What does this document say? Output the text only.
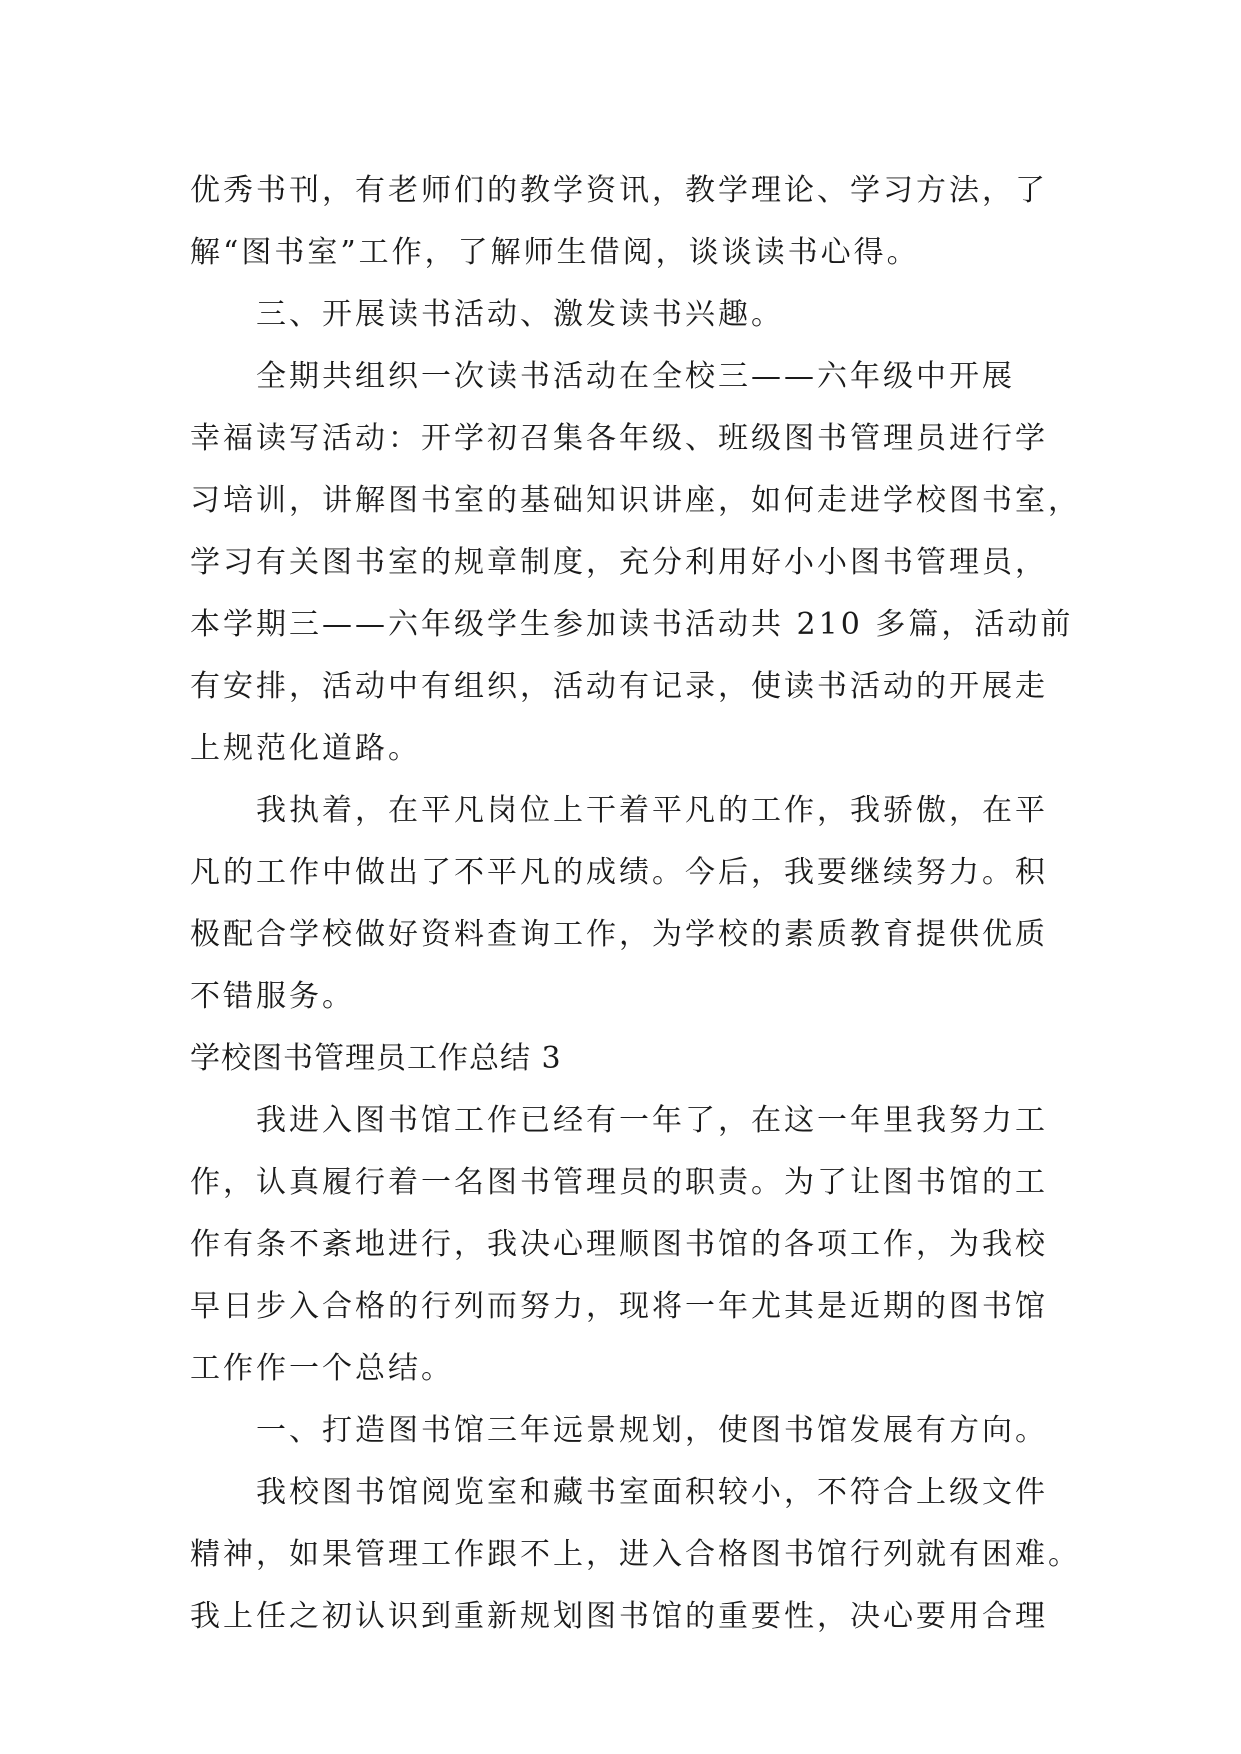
优秀书刊，有老师们的教学资讯，教学理论、学习方法，了
解“图书室”工作，了解师生借阅，谈谈读书心得。
三、开展读书活动、激发读书兴趣。
全期共组织一次读书活动在全校三——六年级中开展
幸福读写活动：开学初召集各年级、班级图书管理员进行学
习培训，讲解图书室的基础知识讲座，如何走进学校图书室，
学习有关图书室的规章制度，充分利用好小小图书管理员，
本学期三——六年级学生参加读书活动共 210 多篇，活动前
有安排，活动中有组织，活动有记录，使读书活动的开展走
上规范化道路。
我执着，在平凡岗位上干着平凡的工作，我骄傲，在平
凡的工作中做出了不平凡的成绩。今后，我要继续努力。积
极配合学校做好资料查询工作，为学校的素质教育提供优质
不错服务。
学校图书管理员工作总结 3
我进入图书馆工作已经有一年了，在这一年里我努力工
作，认真履行着一名图书管理员的职责。为了让图书馆的工
作有条不紊地进行，我决心理顺图书馆的各项工作，为我校
早日步入合格的行列而努力，现将一年尤其是近期的图书馆
工作作一个总结。
一、打造图书馆三年远景规划，使图书馆发展有方向。
我校图书馆阅览室和藏书室面积较小，不符合上级文件
精神，如果管理工作跟不上，进入合格图书馆行列就有困难。
我上任之初认识到重新规划图书馆的重要性，决心要用合理
